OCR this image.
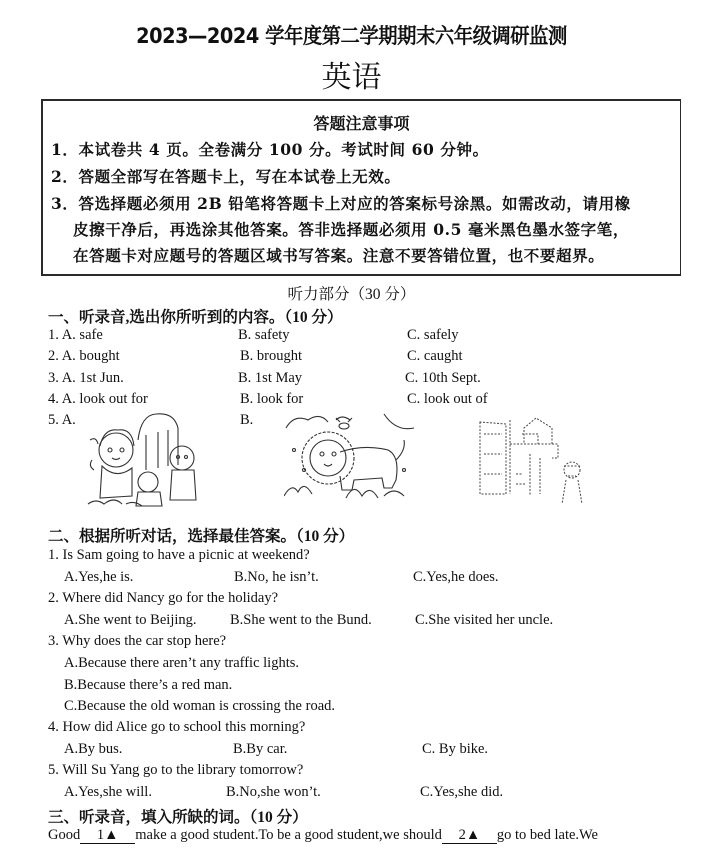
2023—2024 学年度第二学期期末六年级调研监测
英语
答题注意事项
1．本试卷共 4 页。全卷满分 100 分。考试时间 60 分钟。
2．答题全部写在答题卡上，写在本试卷上无效。
3．答选择题必须用 2B 铅笔将答题卡上对应的答案标号涂黑。如需改动，请用橡
皮擦干净后，再选涂其他答案。答非选择题必须用 0.5 毫米黑色墨水签字笔，
在答题卡对应题号的答题区域书写答案。注意不要答错位置，也不要超界。
听力部分（30 分）
一、听录音,选出你所听到的内容。（10 分）
1. A. safe	B. safety	C. safely
2. A. bought	B. brought	C. caught
3. A. 1st Jun.	B. 1st May	C. 10th Sept.
4. A. look out for	B. look for	C. look out of
5. A.	B.
二、根据所听对话，选择最佳答案。（10 分）
1. Is Sam going to have a picnic at weekend?
A.Yes,he is.	B.No, he isn’t.	C.Yes,he does.
2. Where did Nancy go for the holiday?
A.She went to Beijing. B.She went to the Bund.	C.She visited her uncle.
3. Why does the car stop here?
A.Because there aren’t any traffic lights.
B.Because there’s a red man.
C.Because the old woman is crossing the road.
4. How did Alice go to school this morning?
A.By bus.	B.By car.	C. By bike.
5. Will Su Yang go to the library tomorrow?
A.Yes,she will.	B.No,she won’t.	C.Yes,she did.
三、听录音，填入所缺的词。（10 分）
Good 1▲ make a good student.To be a good student,we should 2▲ go to bed late.We
